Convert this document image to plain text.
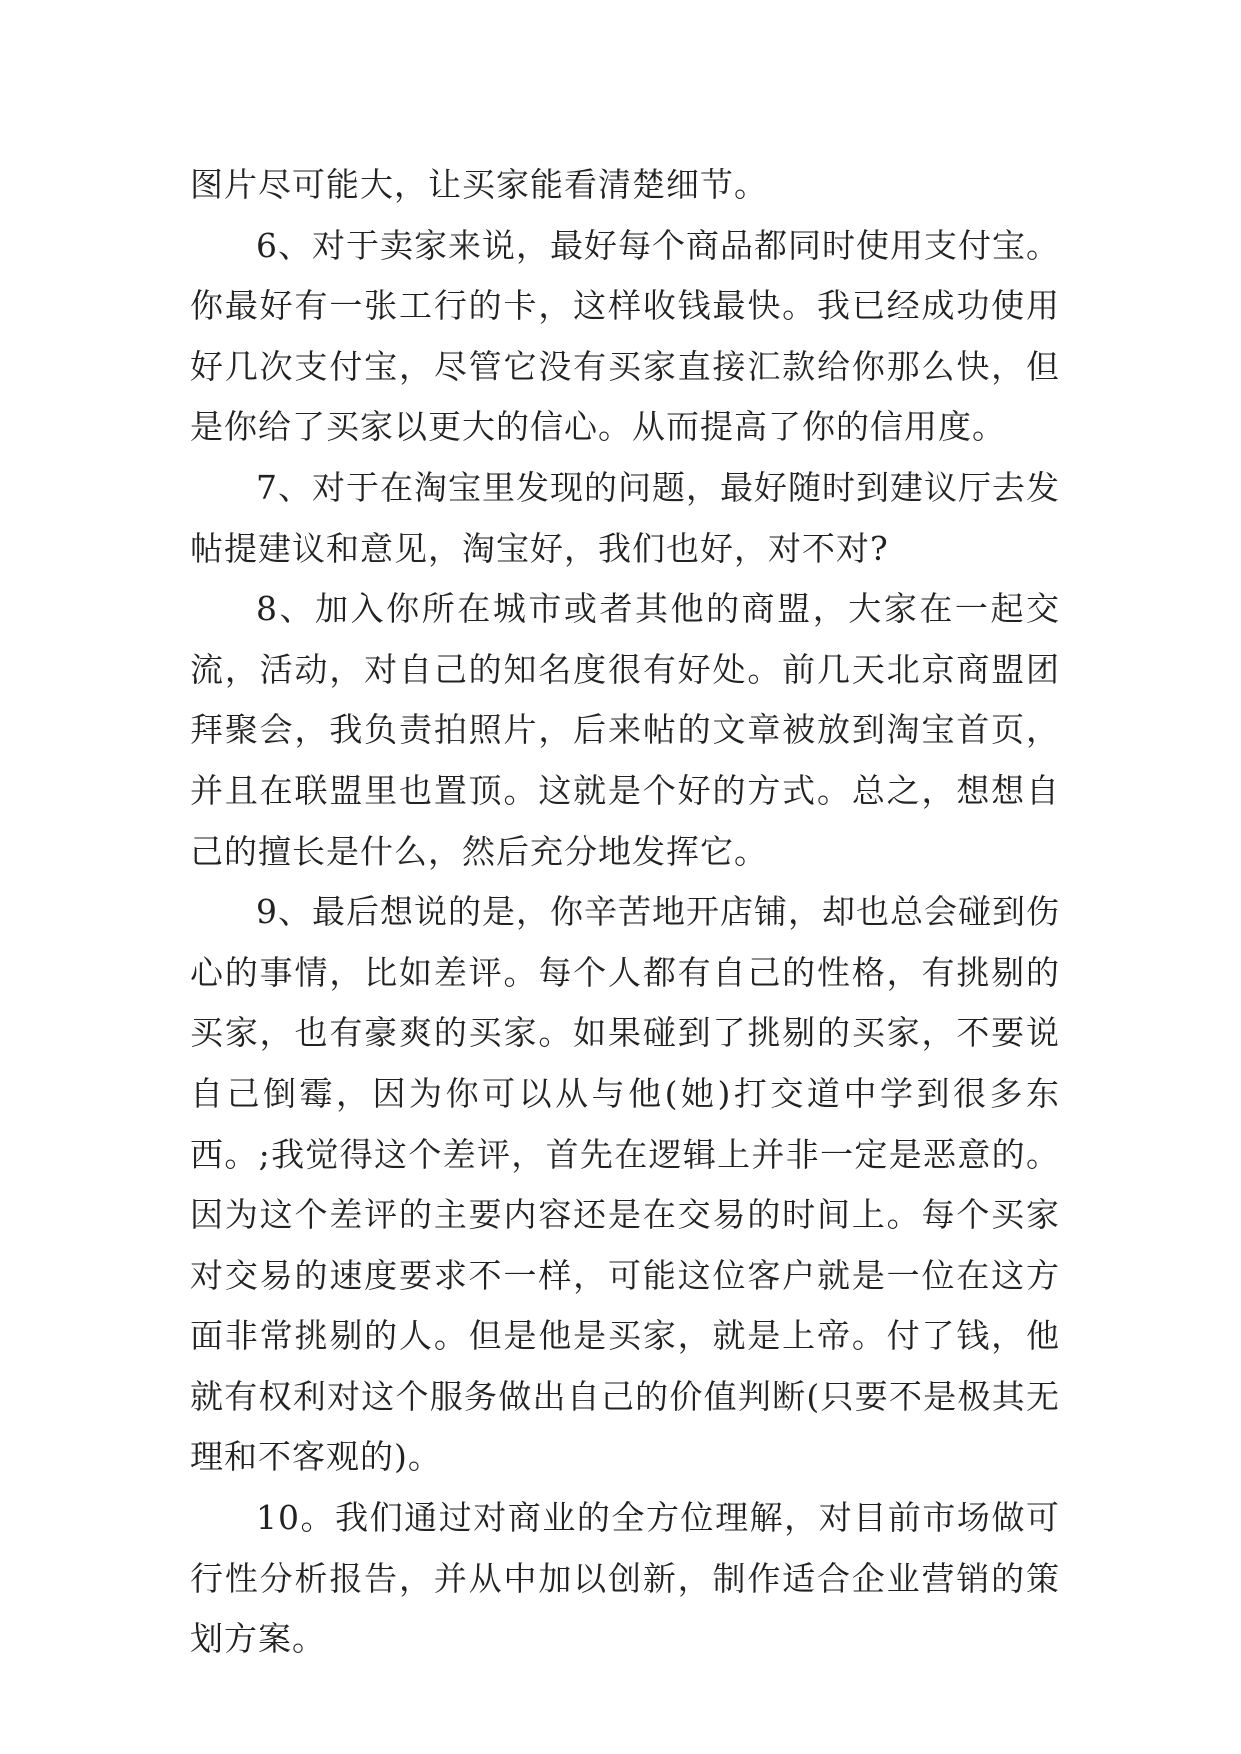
图片尽可能大，让买家能看清楚细节。

6、对于卖家来说，最好每个商品都同时使用支付宝。你最好有一张工行的卡，这样收钱最快。我已经成功使用好几次支付宝，尽管它没有买家直接汇款给你那么快，但是你给了买家以更大的信心。从而提高了你的信用度。

7、对于在淘宝里发现的问题，最好随时到建议厅去发帖提建议和意见，淘宝好，我们也好，对不对?

8、加入你所在城市或者其他的商盟，大家在一起交流，活动，对自己的知名度很有好处。前几天北京商盟团拜聚会，我负责拍照片，后来帖的文章被放到淘宝首页，并且在联盟里也置顶。这就是个好的方式。总之，想想自己的擅长是什么，然后充分地发挥它。

9、最后想说的是，你辛苦地开店铺，却也总会碰到伤心的事情，比如差评。每个人都有自己的性格，有挑剔的买家，也有豪爽的买家。如果碰到了挑剔的买家，不要说自己倒霉，因为你可以从与他(她)打交道中学到很多东西。;我觉得这个差评，首先在逻辑上并非一定是恶意的。因为这个差评的主要内容还是在交易的时间上。每个买家对交易的速度要求不一样，可能这位客户就是一位在这方面非常挑剔的人。但是他是买家，就是上帝。付了钱，他就有权利对这个服务做出自己的价值判断(只要不是极其无理和不客观的)。

10。我们通过对商业的全方位理解，对目前市场做可行性分析报告，并从中加以创新，制作适合企业营销的策划方案。
